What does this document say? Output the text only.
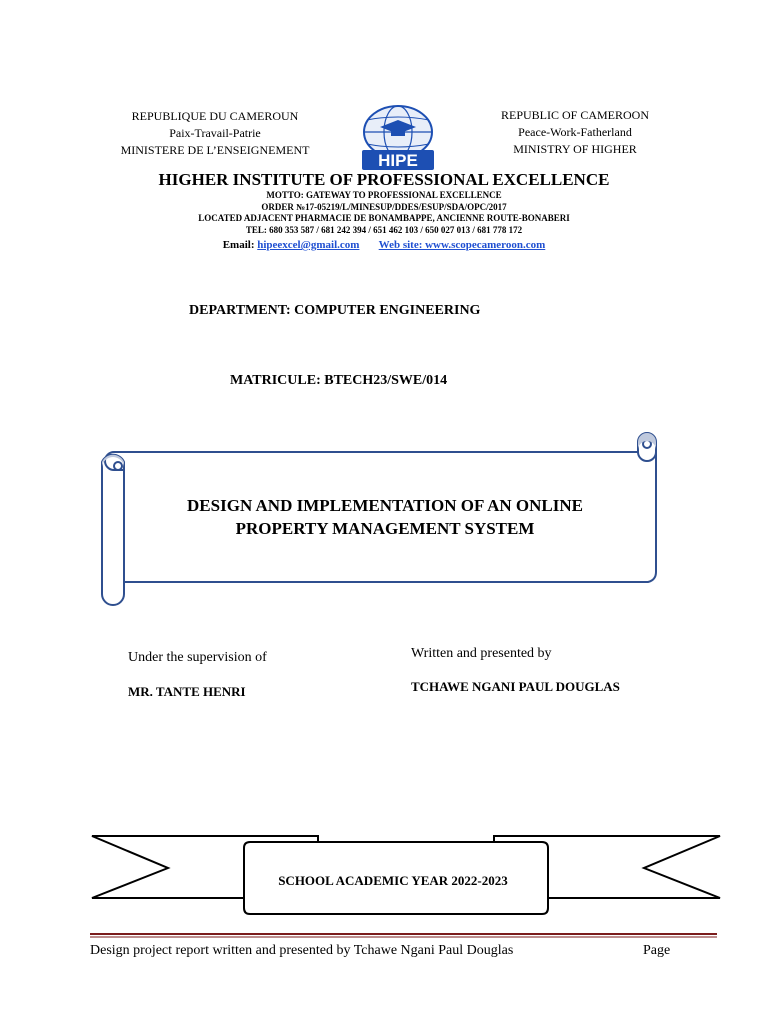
REPUBLIQUE DU CAMEROUN
Paix-Travail-Patrie
MINISTERE DE L’ENSEIGNEMENT
HIPE
REPUBLIC OF CAMEROON
Peace-Work-Fatherland
MINISTRY OF HIGHER
HIGHER INSTITUTE OF PROFESSIONAL EXCELLENCE
MOTTO: GATEWAY TO PROFESSIONAL EXCELLENCE
ORDER №17-05219/L/MINESUP/DDES/ESUP/SDA/OPC/2017
LOCATED ADJACENT PHARMACIE DE BONAMBAPPE, ANCIENNE ROUTE-BONABERI
TEL: 680 353 587 / 681 242 394 / 651 462 103 / 650 027 013 / 681 778 172
Email: hipeexcel@gmail.com Web site: www.scopecameroon.com
DEPARTMENT: COMPUTER ENGINEERING
MATRICULE: BTECH23/SWE/014
DESIGN AND IMPLEMENTATION OF AN ONLINE
PROPERTY MANAGEMENT SYSTEM
Under the supervision of
MR. TANTE HENRI
Written and presented by
TCHAWE NGANI PAUL DOUGLAS
SCHOOL ACADEMIC YEAR 2022-2023
Design project report written and presented by Tchawe Ngani Paul Douglas	Page
